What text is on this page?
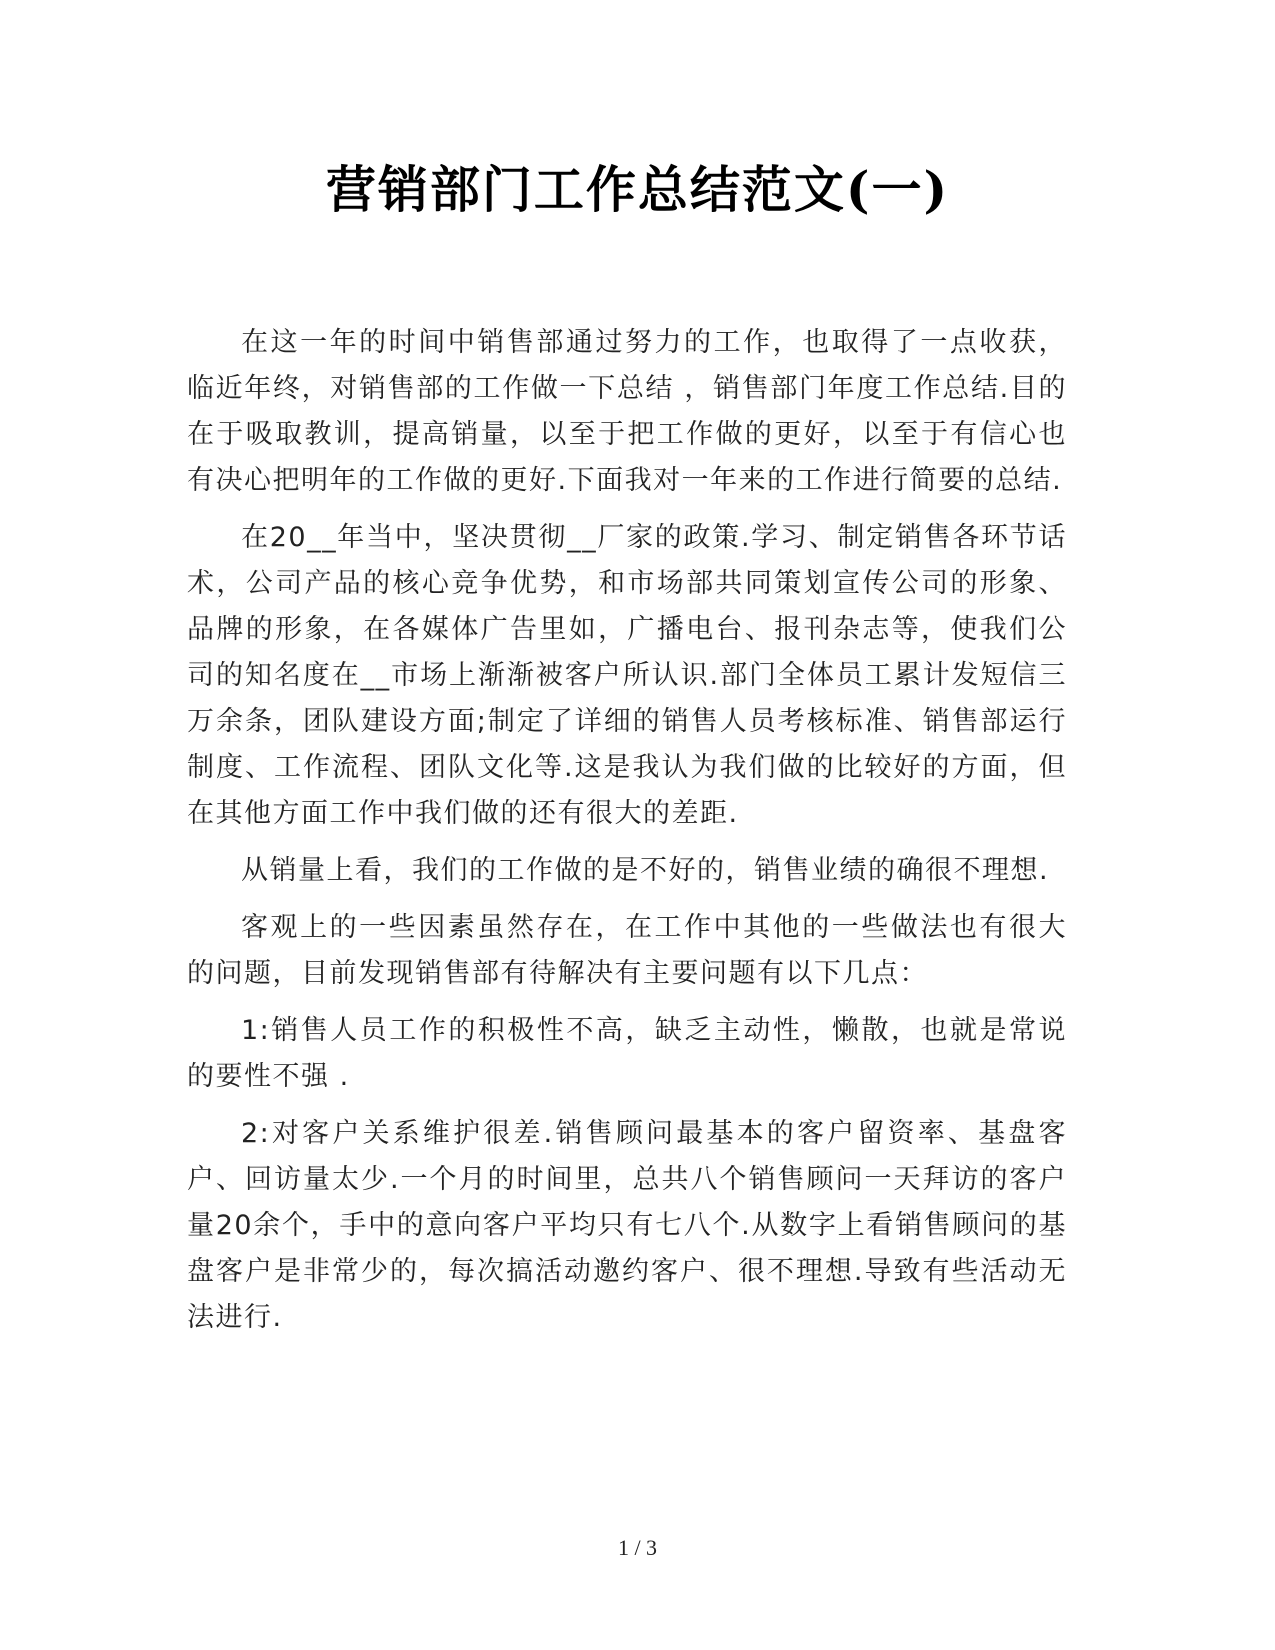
营销部门工作总结范文(一)

在这一年的时间中销售部通过努力的工作，也取得了一点收获，临近年终，对销售部的工作做一下总结 ，销售部门年度工作总结.目的在于吸取教训，提高销量，以至于把工作做的更好，以至于有信心也有决心把明年的工作做的更好.下面我对一年来的工作进行简要的总结.

在20__年当中，坚决贯彻__厂家的政策.学习、制定销售各环节话术，公司产品的核心竞争优势，和市场部共同策划宣传公司的形象、品牌的形象，在各媒体广告里如，广播电台、报刊杂志等，使我们公司的知名度在__市场上渐渐被客户所认识.部门全体员工累计发短信三万余条，团队建设方面;制定了详细的销售人员考核标准、销售部运行制度、工作流程、团队文化等.这是我认为我们做的比较好的方面，但在其他方面工作中我们做的还有很大的差距.

从销量上看，我们的工作做的是不好的，销售业绩的确很不理想.

客观上的一些因素虽然存在，在工作中其他的一些做法也有很大的问题，目前发现销售部有待解决有主要问题有以下几点：

1:销售人员工作的积极性不高，缺乏主动性，懒散，也就是常说的要性不强 .

2:对客户关系维护很差.销售顾问最基本的客户留资率、基盘客户、回访量太少.一个月的时间里，总共八个销售顾问一天拜访的客户量20余个，手中的意向客户平均只有七八个.从数字上看销售顾问的基盘客户是非常少的，每次搞活动邀约客户、很不理想.导致有些活动无法进行.

1 / 3
